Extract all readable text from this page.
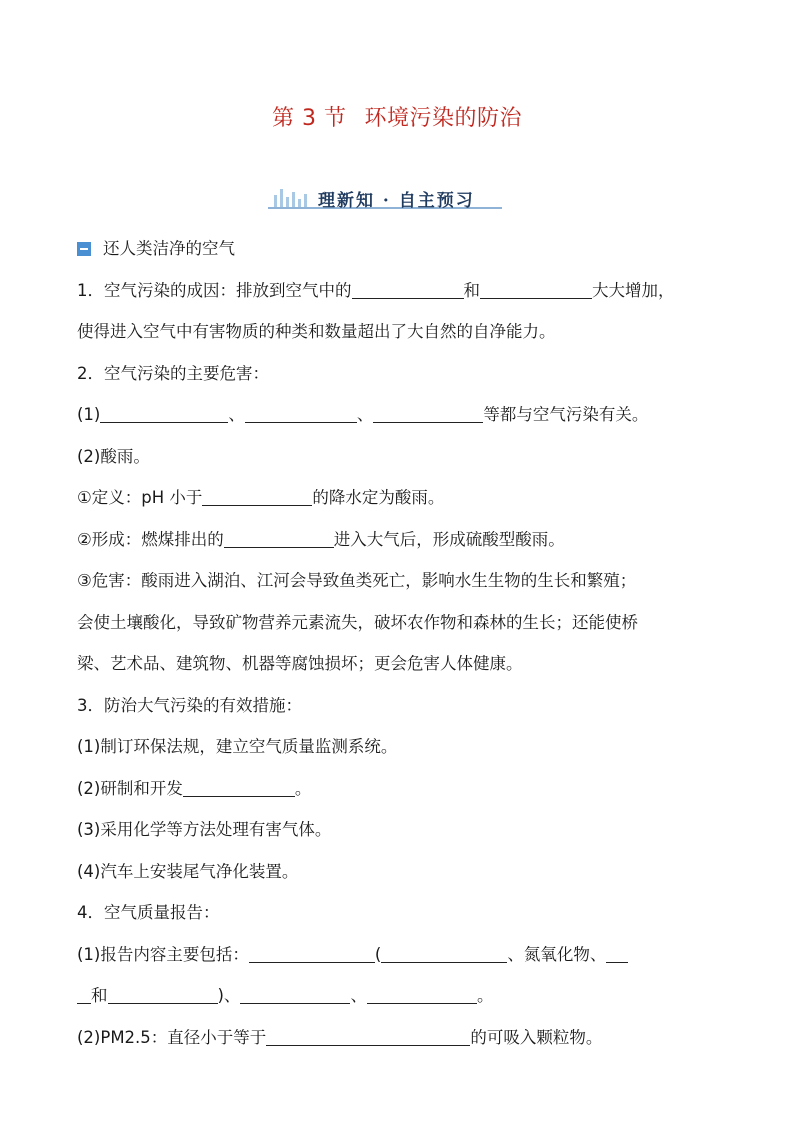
第 3 节 环境污染的防治
理新知 · 自主预习
还人类洁净的空气
1．空气污染的成因：排放到空气中的	和	大大增加，
使得进入空气中有害物质的种类和数量超出了大自然的自净能力。
2．空气污染的主要危害：
(1)	、	、	等都与空气污染有关。
(2)酸雨。
①定义：pH 小于	的降水定为酸雨。
②形成：燃煤排出的	进入大气后，形成硫酸型酸雨。
③危害：酸雨进入湖泊、江河会导致鱼类死亡，影响水生生物的生长和繁殖；
会使土壤酸化，导致矿物营养元素流失，破坏农作物和森林的生长；还能使桥
梁、艺术品、建筑物、机器等腐蚀损坏；更会危害人体健康。
3．防治大气污染的有效措施：
(1)制订环保法规，建立空气质量监测系统。
(2)研制和开发	。
(3)采用化学等方法处理有害气体。
(4)汽车上安装尾气净化装置。
4．空气质量报告：
(1)报告内容主要包括：	(	、氮氧化物、
和	)、	、	。
(2)PM2.5：直径小于等于	的可吸入颗粒物。
